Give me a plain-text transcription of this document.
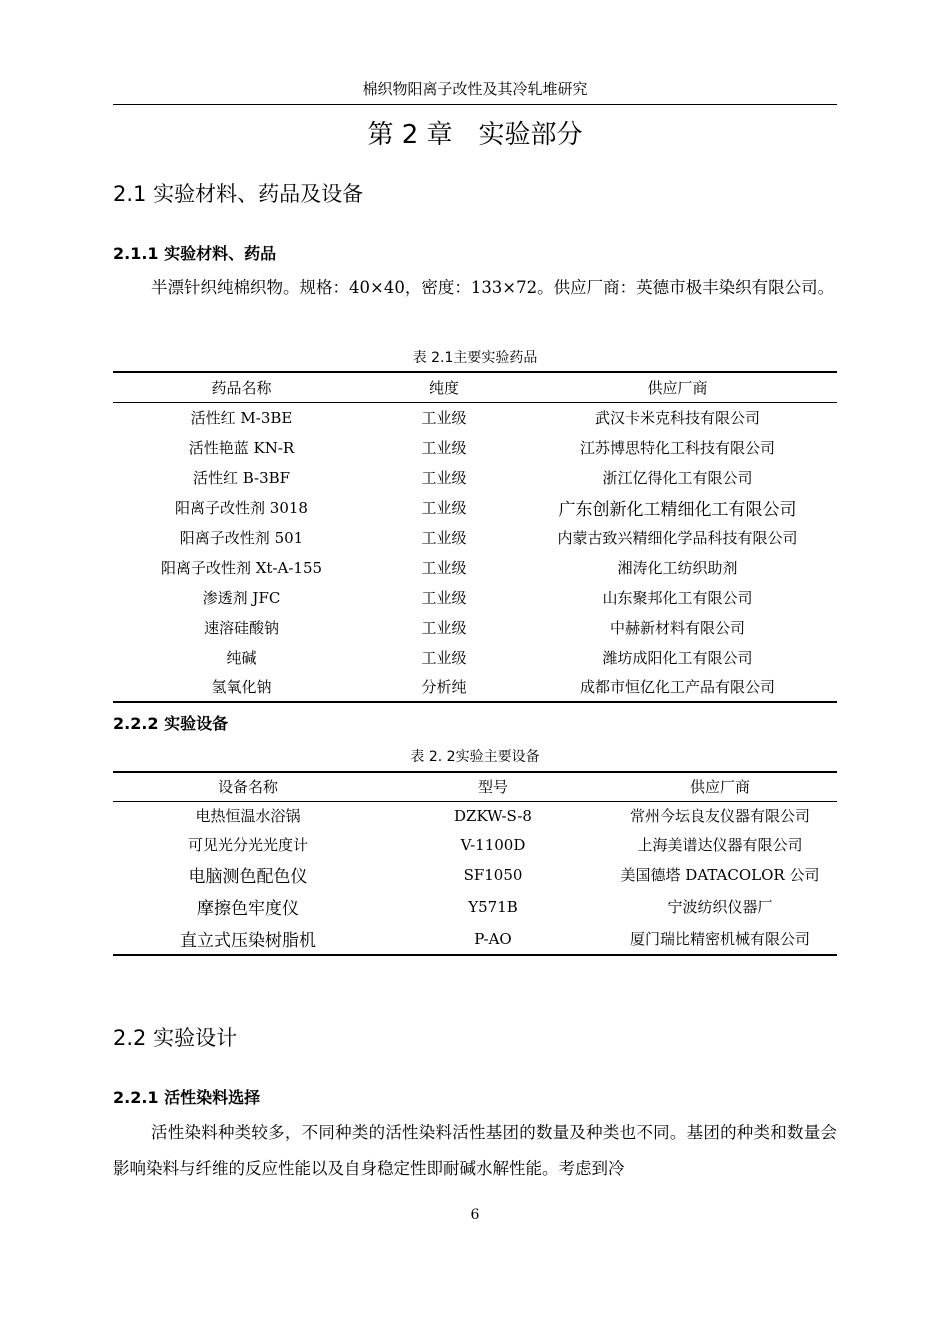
棉织物阳离子改性及其冷轧堆研究
第 2 章　实验部分
2.1 实验材料、药品及设备
2.1.1 实验材料、药品
半漂针织纯棉织物。规格：40×40，密度：133×72。供应厂商：英德市极丰染织有限公司。
表 2.1主要实验药品
药品名称	纯度	供应厂商
活性红 M-3BE	工业级	武汉卡米克科技有限公司
活性艳蓝 KN-R	工业级	江苏博思特化工科技有限公司
活性红 B-3BF	工业级	浙江亿得化工有限公司
阳离子改性剂 3018	工业级	广东创新化工精细化工有限公司
阳离子改性剂 501	工业级	内蒙古致兴精细化学品科技有限公司
阳离子改性剂 Xt-A-155	工业级	湘涛化工纺织助剂
渗透剂 JFC	工业级	山东聚邦化工有限公司
速溶硅酸钠	工业级	中赫新材料有限公司
纯碱	工业级	潍坊成阳化工有限公司
氢氧化钠	分析纯	成都市恒亿化工产品有限公司
2.2.2 实验设备
表 2. 2实验主要设备
设备名称	型号	供应厂商
电热恒温水浴锅	DZKW-S-8	常州今坛良友仪器有限公司
可见光分光光度计	V-1100D	上海美谱达仪器有限公司
电脑测色配色仪	SF1050	美国德塔 DATACOLOR 公司
摩擦色牢度仪	Y571B	宁波纺织仪器厂
直立式压染树脂机	P-AO	厦门瑞比精密机械有限公司
2.2 实验设计
2.2.1 活性染料选择
活性染料种类较多，不同种类的活性染料活性基团的数量及种类也不同。基团的种类和数量会影响染料与纤维的反应性能以及自身稳定性即耐碱水解性能。考虑到冷
6
